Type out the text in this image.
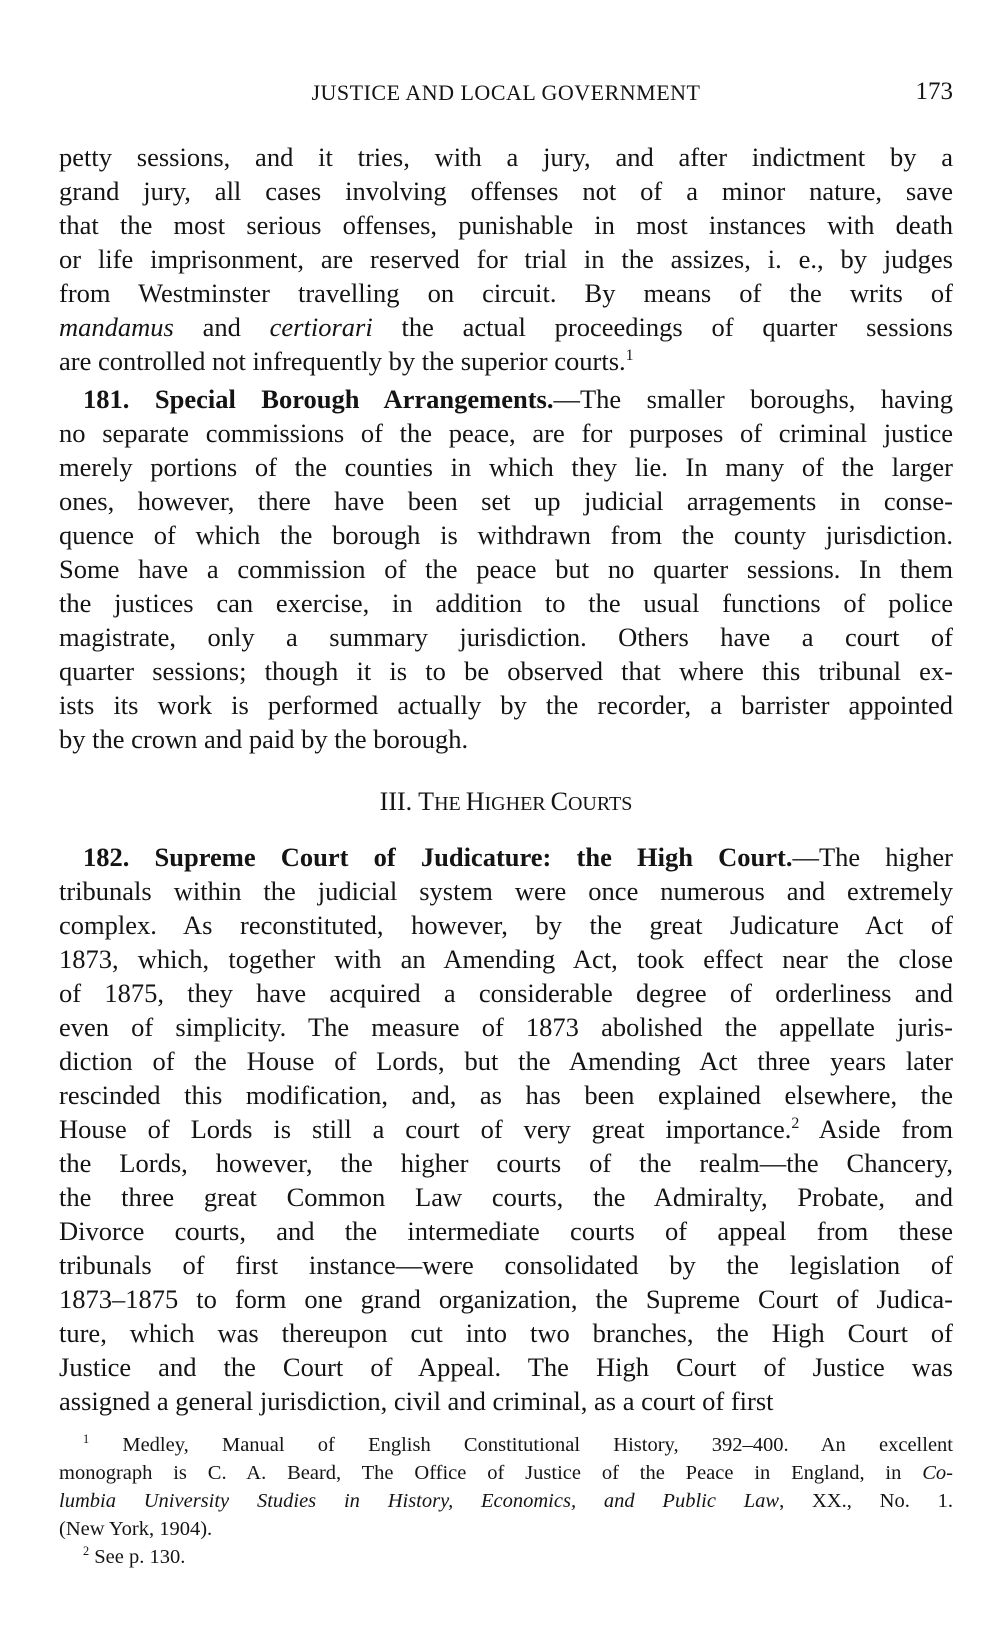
JUSTICE AND LOCAL GOVERNMENT	173
petty sessions, and it tries, with a jury, and after indictment by a
grand jury, all cases involving offenses not of a minor nature, save
that the most serious offenses, punishable in most instances with death
or life imprisonment, are reserved for trial in the assizes, i. e., by judges
from Westminster travelling on circuit. By means of the writs of
mandamus and certiorari the actual proceedings of quarter sessions
are controlled not infrequently by the superior courts.$^1$
181. Special Borough Arrangements.—The smaller boroughs, having
no separate commissions of the peace, are for purposes of criminal justice
merely portions of the counties in which they lie. In many of the larger
ones, however, there have been set up judicial arragements in conse-
quence of which the borough is withdrawn from the county jurisdiction.
Some have a commission of the peace but no quarter sessions. In them
the justices can exercise, in addition to the usual functions of police
magistrate, only a summary jurisdiction. Others have a court of
quarter sessions; though it is to be observed that where this tribunal ex-
ists its work is performed actually by the recorder, a barrister appointed
by the crown and paid by the borough.
182. Supreme Court of Judicature: the High Court.—The higher
tribunals within the judicial system were once numerous and extremely
complex. As reconstituted, however, by the great Judicature Act of
1873, which, together with an Amending Act, took effect near the close
of 1875, they have acquired a considerable degree of orderliness and
even of simplicity. The measure of 1873 abolished the appellate juris-
diction of the House of Lords, but the Amending Act three years later
rescinded this modification, and, as has been explained elsewhere, the
House of Lords is still a court of very great importance.$^2$ Aside from
the Lords, however, the higher courts of the realm—the Chancery,
the three great Common Law courts, the Admiralty, Probate, and
Divorce courts, and the intermediate courts of appeal from these
tribunals of first instance—were consolidated by the legislation of
1873–1875 to form one grand organization, the Supreme Court of Judica-
ture, which was thereupon cut into two branches, the High Court of
Justice and the Court of Appeal. The High Court of Justice was
assigned a general jurisdiction, civil and criminal, as a court of first
III. THE HIGHER COURTS
$^1$ Medley, Manual of English Constitutional History, 392–400. An excellent
monograph is C. A. Beard, The Office of Justice of the Peace in England, in Co-
lumbia University Studies in History, Economics, and Public Law, XX., No. 1.
(New York, 1904).
$^2$ See p. 130.
